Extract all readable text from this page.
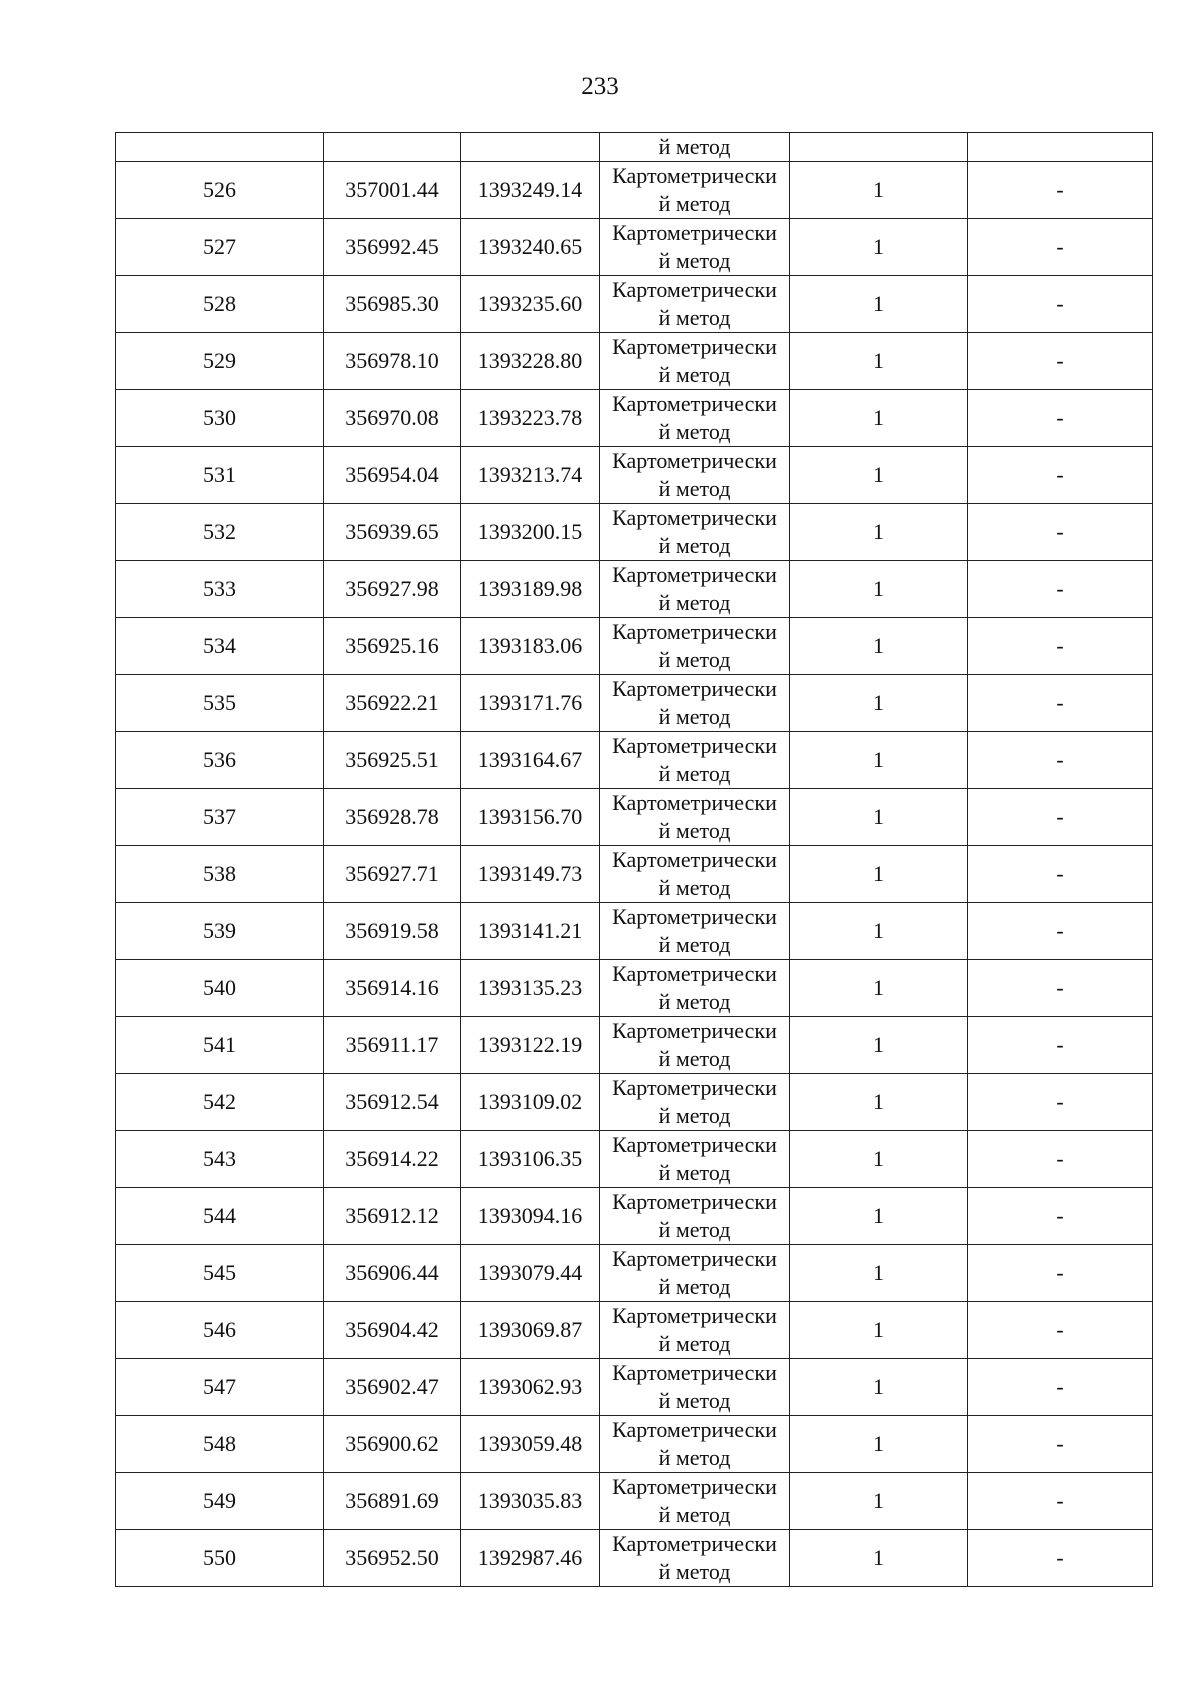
233
			й метод		
526	357001.44	1393249.14	Картометрически
й метод	1	-
527	356992.45	1393240.65	Картометрически
й метод	1	-
528	356985.30	1393235.60	Картометрически
й метод	1	-
529	356978.10	1393228.80	Картометрически
й метод	1	-
530	356970.08	1393223.78	Картометрически
й метод	1	-
531	356954.04	1393213.74	Картометрически
й метод	1	-
532	356939.65	1393200.15	Картометрически
й метод	1	-
533	356927.98	1393189.98	Картометрически
й метод	1	-
534	356925.16	1393183.06	Картометрически
й метод	1	-
535	356922.21	1393171.76	Картометрически
й метод	1	-
536	356925.51	1393164.67	Картометрически
й метод	1	-
537	356928.78	1393156.70	Картометрически
й метод	1	-
538	356927.71	1393149.73	Картометрически
й метод	1	-
539	356919.58	1393141.21	Картометрически
й метод	1	-
540	356914.16	1393135.23	Картометрически
й метод	1	-
541	356911.17	1393122.19	Картометрически
й метод	1	-
542	356912.54	1393109.02	Картометрически
й метод	1	-
543	356914.22	1393106.35	Картометрически
й метод	1	-
544	356912.12	1393094.16	Картометрически
й метод	1	-
545	356906.44	1393079.44	Картометрически
й метод	1	-
546	356904.42	1393069.87	Картометрически
й метод	1	-
547	356902.47	1393062.93	Картометрически
й метод	1	-
548	356900.62	1393059.48	Картометрически
й метод	1	-
549	356891.69	1393035.83	Картометрически
й метод	1	-
550	356952.50	1392987.46	Картометрически
й метод	1	-
